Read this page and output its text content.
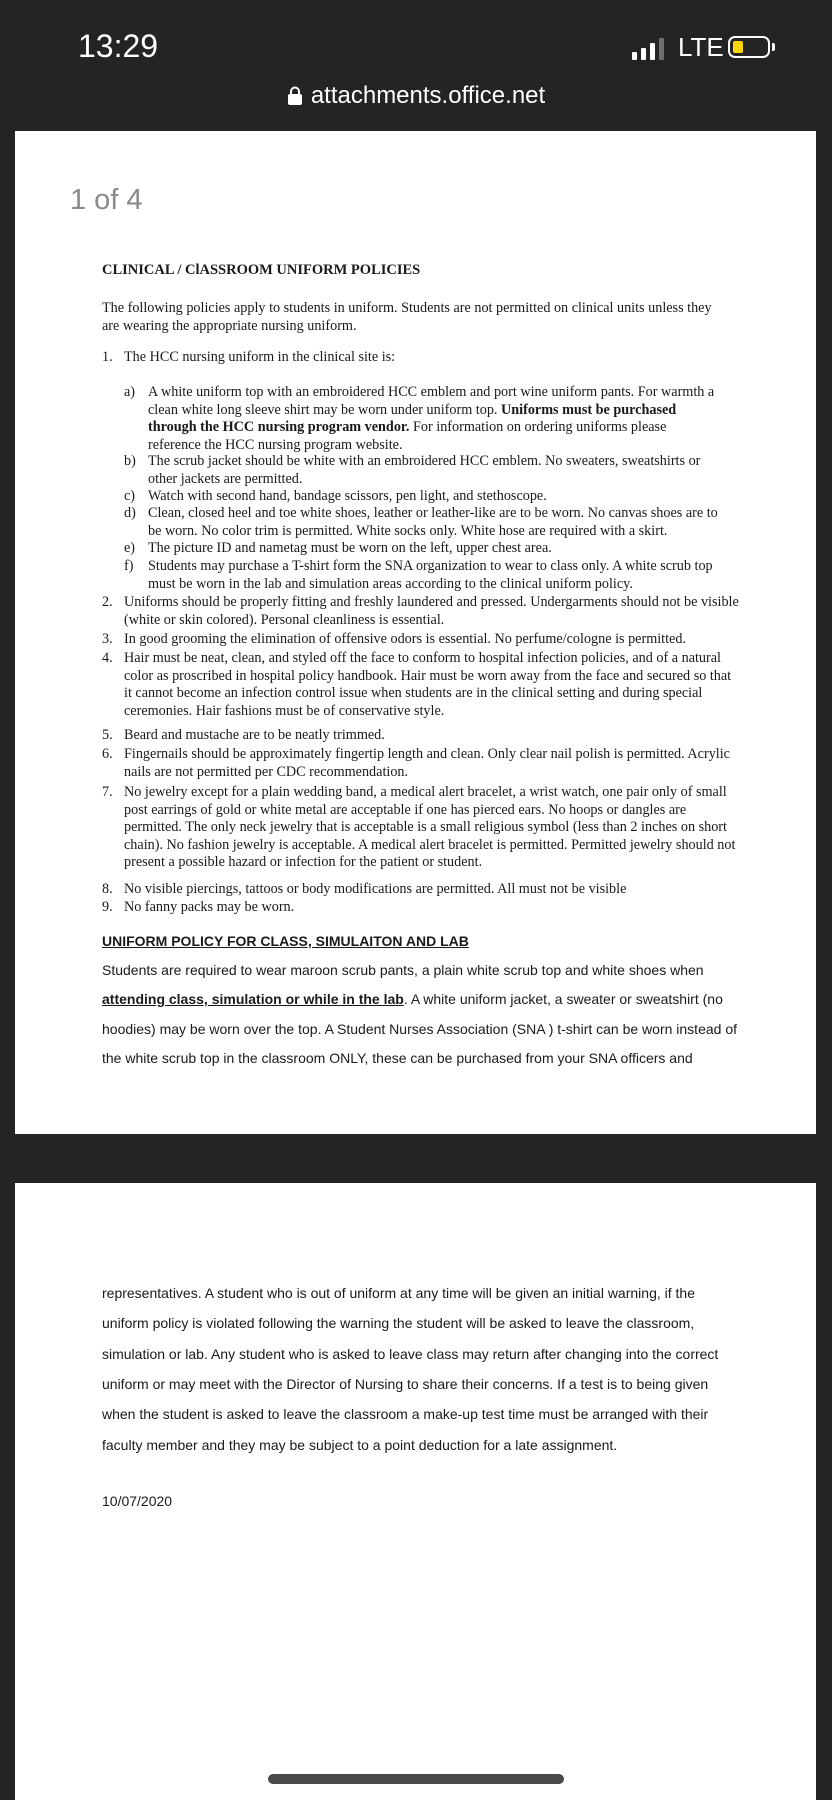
13:29	LTE
attachments.office.net
1 of 4
CLINICAL / ClASSROOM UNIFORM POLICIES
The following policies apply to students in uniform. Students are not permitted on clinical units unless they are wearing the appropriate nursing uniform.
1. The HCC nursing uniform in the clinical site is:
a) A white uniform top with an embroidered HCC emblem and port wine uniform pants. For warmth a clean white long sleeve shirt may be worn under uniform top. Uniforms must be purchased through the HCC nursing program vendor. For information on ordering uniforms please reference the HCC nursing program website.
b) The scrub jacket should be white with an embroidered HCC emblem. No sweaters, sweatshirts or other jackets are permitted.
c) Watch with second hand, bandage scissors, pen light, and stethoscope.
d) Clean, closed heel and toe white shoes, leather or leather-like are to be worn. No canvas shoes are to be worn. No color trim is permitted. White socks only. White hose are required with a skirt.
e) The picture ID and nametag must be worn on the left, upper chest area.
f) Students may purchase a T-shirt form the SNA organization to wear to class only. A white scrub top must be worn in the lab and simulation areas according to the clinical uniform policy.
2. Uniforms should be properly fitting and freshly laundered and pressed. Undergarments should not be visible (white or skin colored). Personal cleanliness is essential.
3. In good grooming the elimination of offensive odors is essential. No perfume/cologne is permitted.
4. Hair must be neat, clean, and styled off the face to conform to hospital infection policies, and of a natural color as proscribed in hospital policy handbook. Hair must be worn away from the face and secured so that it cannot become an infection control issue when students are in the clinical setting and during special ceremonies. Hair fashions must be of conservative style.
5. Beard and mustache are to be neatly trimmed.
6. Fingernails should be approximately fingertip length and clean. Only clear nail polish is permitted. Acrylic nails are not permitted per CDC recommendation.
7. No jewelry except for a plain wedding band, a medical alert bracelet, a wrist watch, one pair only of small post earrings of gold or white metal are acceptable if one has pierced ears. No hoops or dangles are permitted. The only neck jewelry that is acceptable is a small religious symbol (less than 2 inches on short chain). No fashion jewelry is acceptable. A medical alert bracelet is permitted. Permitted jewelry should not present a possible hazard or infection for the patient or student.
8. No visible piercings, tattoos or body modifications are permitted. All must not be visible
9. No fanny packs may be worn.
UNIFORM POLICY FOR CLASS, SIMULAITON AND LAB
Students are required to wear maroon scrub pants, a plain white scrub top and white shoes when
attending class, simulation or while in the lab. A white uniform jacket, a sweater or sweatshirt (no
hoodies) may be worn over the top. A Student Nurses Association (SNA ) t-shirt can be worn instead of
the white scrub top in the classroom ONLY, these can be purchased from your SNA officers and
representatives. A student who is out of uniform at any time will be given an initial warning, if the
uniform policy is violated following the warning the student will be asked to leave the classroom,
simulation or lab. Any student who is asked to leave class may return after changing into the correct
uniform or may meet with the Director of Nursing to share their concerns. If a test is to being given
when the student is asked to leave the classroom a make-up test time must be arranged with their
faculty member and they may be subject to a point deduction for a late assignment.
10/07/2020
